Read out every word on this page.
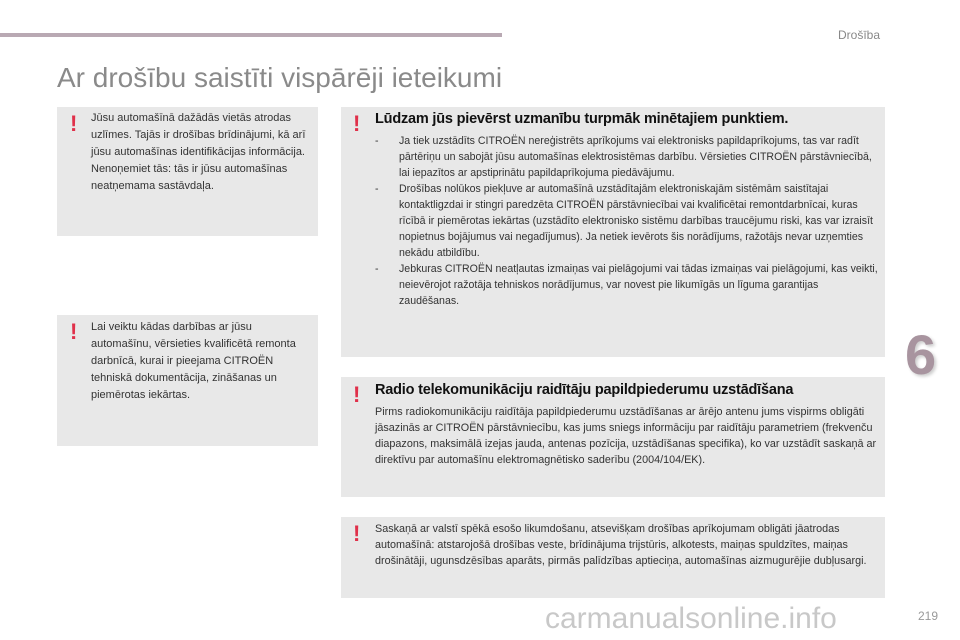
Drošība
Ar drošību saistīti vispārēji ieteikumi
! Jūsu automašīnā dažādās vietās atrodas uzlīmes. Tajās ir drošības brīdinājumi, kā arī jūsu automašīnas identifikācijas informācija. Nenoņemiet tās: tās ir jūsu automašīnas neatņemama sastāvdaļa.
! Lai veiktu kādas darbības ar jūsu automašīnu, vērsieties kvalificētā remonta darbnīcā, kurai ir pieejama CITROËN tehniskā dokumentācija, zināšanas un piemērotas iekārtas.
! Lūdzam jūs pievērst uzmanību turpmāk minētajiem punktiem.
- Ja tiek uzstādīts CITROËN nereģistrēts aprīkojums vai elektronisks papildaprīkojums, tas var radīt pārtēriņu un sabojāt jūsu automašīnas elektrosistēmas darbību. Vērsieties CITROËN pārstāvniecībā, lai iepazītos ar apstiprinātu papildaprīkojuma piedāvājumu.
- Drošības nolūkos piekļuve ar automašīnā uzstādītajām elektroniskajām sistēmām saistītajai kontaktligzdai ir stingri paredzēta CITROËN pārstāvniecībai vai kvalificētai remontdarbnīcai, kuras rīcībā ir piemērotas iekārtas (uzstādīto elektronisko sistēmu darbības traucējumu riski, kas var izraisīt nopietnus bojājumus vai negadījumus). Ja netiek ievērots šis norādījums, ražotājs nevar uzņemties nekādu atbildību.
- Jebkuras CITROËN neatļautas izmaiņas vai pielāgojumi vai tādas izmaiņas vai pielāgojumi, kas veikti, neievērojot ražotāja tehniskos norādījumus, var novest pie likumīgās un līguma garantijas zaudēšanas.
! Radio telekomunikāciju raidītāju papildpiederumu uzstādīšana
Pirms radiokomunikāciju raidītāja papildpiederumu uzstādīšanas ar ārējo antenu jums vispirms obligāti jāsazinās ar CITROËN pārstāvniecību, kas jums sniegs informāciju par raidītāju parametriem (frekvenču diapazons, maksimālā izejas jauda, antenas pozīcija, uzstādīšanas specifika), ko var uzstādīt saskaņā ar direktīvu par automašīnu elektromagnētisko saderību (2004/104/EK).
! Saskaņā ar valstī spēkā esošo likumdošanu, atsevišķam drošības aprīkojumam obligāti jāatrodas automašīnā: atstarojošā drošības veste, brīdinājuma trijstūris, alkotests, maiņas spuldzītes, maiņas drošinātāji, ugunsdzēsības aparāts, pirmās palīdzības aptieciņa, automašīnas aizmugurējie dubļusargi.
6
carmanualsonline.info	219
